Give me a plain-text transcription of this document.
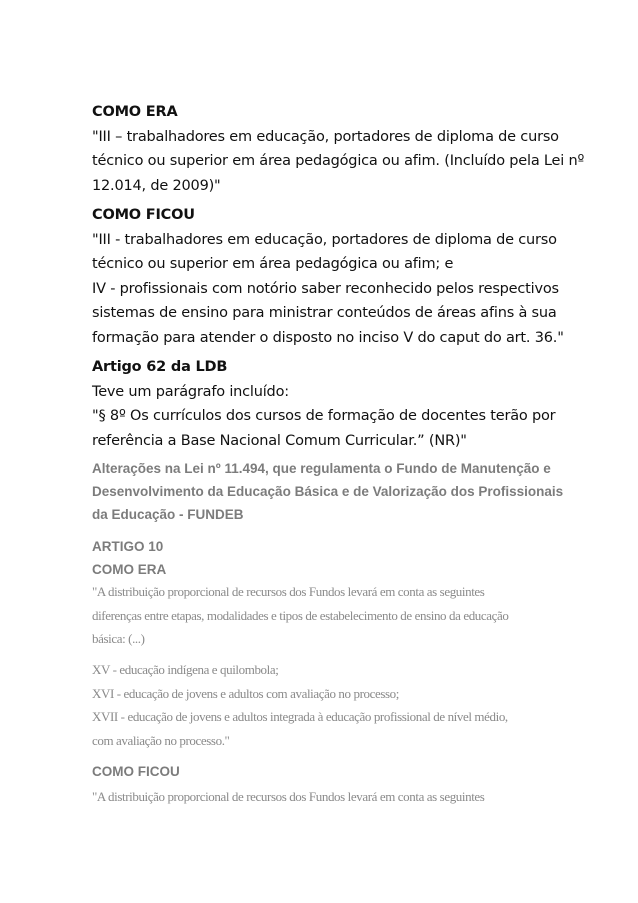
COMO ERA
"III – trabalhadores em educação, portadores de diploma de curso
técnico ou superior em área pedagógica ou afim. (Incluído pela Lei nº
12.014, de 2009)"
COMO FICOU
"III - trabalhadores em educação, portadores de diploma de curso
técnico ou superior em área pedagógica ou afim; e
IV - profissionais com notório saber reconhecido pelos respectivos
sistemas de ensino para ministrar conteúdos de áreas afins à sua
formação para atender o disposto no inciso V do caput do art. 36."
Artigo 62 da LDB
Teve um parágrafo incluído:
"§ 8º Os currículos dos cursos de formação de docentes terão por
referência a Base Nacional Comum Curricular.” (NR)"
Alterações na Lei nº 11.494, que regulamenta o Fundo de Manutenção e
Desenvolvimento da Educação Básica e de Valorização dos Profissionais
da Educação - FUNDEB
ARTIGO 10
COMO ERA
"A distribuição proporcional de recursos dos Fundos levará em conta as seguintes
diferenças entre etapas, modalidades e tipos de estabelecimento de ensino da educação
básica: (...)
XV - educação indígena e quilombola;
XVI - educação de jovens e adultos com avaliação no processo;
XVII - educação de jovens e adultos integrada à educação profissional de nível médio,
com avaliação no processo."
COMO FICOU
"A distribuição proporcional de recursos dos Fundos levará em conta as seguintes
